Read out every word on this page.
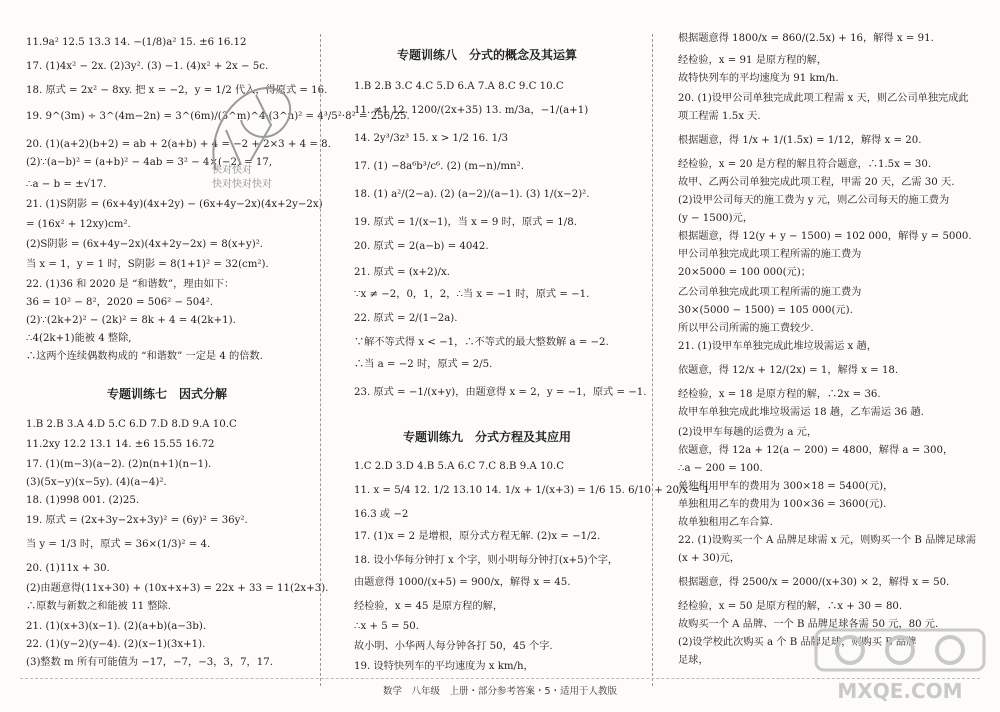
11.9a² 12.5 13.3 14. −(1/8)a² 15. ±6 16.12
17. (1)4x² − 2x. (2)3y². (3) −1. (4)x² + 2x − 5c.
18. 原式 = 2x² − 8xy. 把 x = −2，y = 1/2 代入，得原式 = 16.
19. 9^(3m) ÷ 3^(4m−2n) = 3^(6m)/(3^m)^4·(3^n)² = 4³/5²·8² = 256/25.
20. (1)(a+2)(b+2) = ab + 2(a+b) + 4 = −2 + 2×3 + 4 = 8.
(2)∵(a−b)² = (a+b)² − 4ab = 3² − 4×(−2) = 17,
∴a − b = ±√17.
21. (1)S阴影 = (6x+4y)(4x+2y) − (6x+4y−2x)(4x+2y−2x)
= (16x² + 12xy)cm².
(2)S阴影 = (6x+4y−2x)(4x+2y−2x) = 8(x+y)².
当 x = 1，y = 1 时，S阴影 = 8(1+1)² = 32(cm²).
22. (1)36 和 2020 是 “和谐数”，理由如下：
36 = 10² − 8²，2020 = 506² − 504².
(2)∵(2k+2)² − (2k)² = 8k + 4 = 4(2k+1).
∴4(2k+1)能被 4 整除,
∴这两个连续偶数构成的 “和谐数” 一定是 4 的倍数.
专题训练七　因式分解
1.B 2.B 3.A 4.D 5.C 6.D 7.D 8.D 9.A 10.C
11.2xy 12.2 13.1 14. ±6 15.55 16.72
17. (1)(m−3)(a−2). (2)n(n+1)(n−1).
(3)(5x−y)(x−5y). (4)(a−4)².
18. (1)998 001. (2)25.
19. 原式 = (2x+3y−2x+3y)² = (6y)² = 36y².
当 y = 1/3 时，原式 = 36×(1/3)² = 4.
20. (1)11x + 30.
(2)由题意得(11x+30) + (10x+x+3) = 22x + 33 = 11(2x+3).
∴原数与新数之和能被 11 整除.
21. (1)(x+3)(x−1). (2)(a+b)(a−3b).
22. (1)(y−2)(y−4). (2)(x−1)(3x+1).
(3)整数 m 所有可能值为 −17，−7，−3，3，7，17.
专题训练八　分式的概念及其运算
1.B 2.B 3.C 4.C 5.D 6.A 7.A 8.C 9.C 10.C
11. ≠1 12. 1200/(2x+35) 13. m/3a，−1/(a+1)
14. 2y³/3z³ 15. x > 1/2 16. 1/3
17. (1) −8a⁶b³/c⁶. (2) (m−n)/mn².
18. (1) a²/(2−a). (2) (a−2)/(a−1). (3) 1/(x−2)².
19. 原式 = 1/(x−1)，当 x = 9 时，原式 = 1/8.
20. 原式 = 2(a−b) = 4042.
21. 原式 = (x+2)/x.
∵x ≠ −2，0，1，2，∴当 x = −1 时，原式 = −1.
22. 原式 = 2/(1−2a).
∵解不等式得 x < −1，∴不等式的最大整数解 a = −2.
∴当 a = −2 时，原式 = 2/5.
23. 原式 = −1/(x+y)，由题意得 x = 2，y = −1，原式 = −1.
专题训练九　分式方程及其应用
1.C 2.D 3.D 4.B 5.A 6.C 7.C 8.B 9.A 10.C
11. x = 5/4 12. 1/2 13.10 14. 1/x + 1/(x+3) = 1/6 15. 6/10 + 20/x = 1
16.3 或 −2
17. (1)x = 2 是增根，原分式方程无解. (2)x = −1/2.
18. 设小华每分钟打 x 个字，则小明每分钟打(x+5)个字，
由题意得 1000/(x+5) = 900/x，解得 x = 45.
经检验，x = 45 是原方程的解，
∴x + 5 = 50.
故小明、小华两人每分钟各打 50，45 个字.
19. 设特快列车的平均速度为 x km/h，
根据题意得 1800/x = 860/(2.5x) + 16，解得 x = 91.
经检验，x = 91 是原方程的解，
故特快列车的平均速度为 91 km/h.
20. (1)设甲公司单独完成此项工程需 x 天，则乙公司单独完成此
项工程需 1.5x 天.
根据题意，得 1/x + 1/(1.5x) = 1/12，解得 x = 20.
经检验，x = 20 是方程的解且符合题意，∴1.5x = 30.
故甲、乙两公司单独完成此项工程，甲需 20 天，乙需 30 天.
(2)设甲公司每天的施工费为 y 元，则乙公司每天的施工费为
(y − 1500)元，
根据题意，得 12(y + y − 1500) = 102 000，解得 y = 5000.
甲公司单独完成此项工程所需的施工费为
20×5000 = 100 000(元)；
乙公司单独完成此项工程所需的施工费为
30×(5000 − 1500) = 105 000(元).
所以甲公司所需的施工费较少.
21. (1)设甲车单独完成此堆垃圾需运 x 趟，
依题意，得 12/x + 12/(2x) = 1，解得 x = 18.
经检验，x = 18 是原方程的解，∴2x = 36.
故甲车单独完成此堆垃圾需运 18 趟，乙车需运 36 趟.
(2)设甲车每趟的运费为 a 元，
依题意，得 12a + 12(a − 200) = 4800，解得 a = 300，
∴a − 200 = 100.
单独租用甲车的费用为 300×18 = 5400(元)，
单独租用乙车的费用为 100×36 = 3600(元).
故单独租用乙车合算.
22. (1)设购买一个 A 品牌足球需 x 元，则购买一个 B 品牌足球需
(x + 30)元，
根据题意，得 2500/x = 2000/(x+30) × 2，解得 x = 50.
经检验，x = 50 是原方程的解，∴x + 30 = 80.
故购买一个 A 品牌、一个 B 品牌足球各需 50 元，80 元.
(2)设学校此次购买 a 个 B 品牌足球，则购买 B 品牌
足球，
快对快对
快对快对快对
数学　八年级　上册・部分参考答案・5・适用于人教版	MXQE.COM
